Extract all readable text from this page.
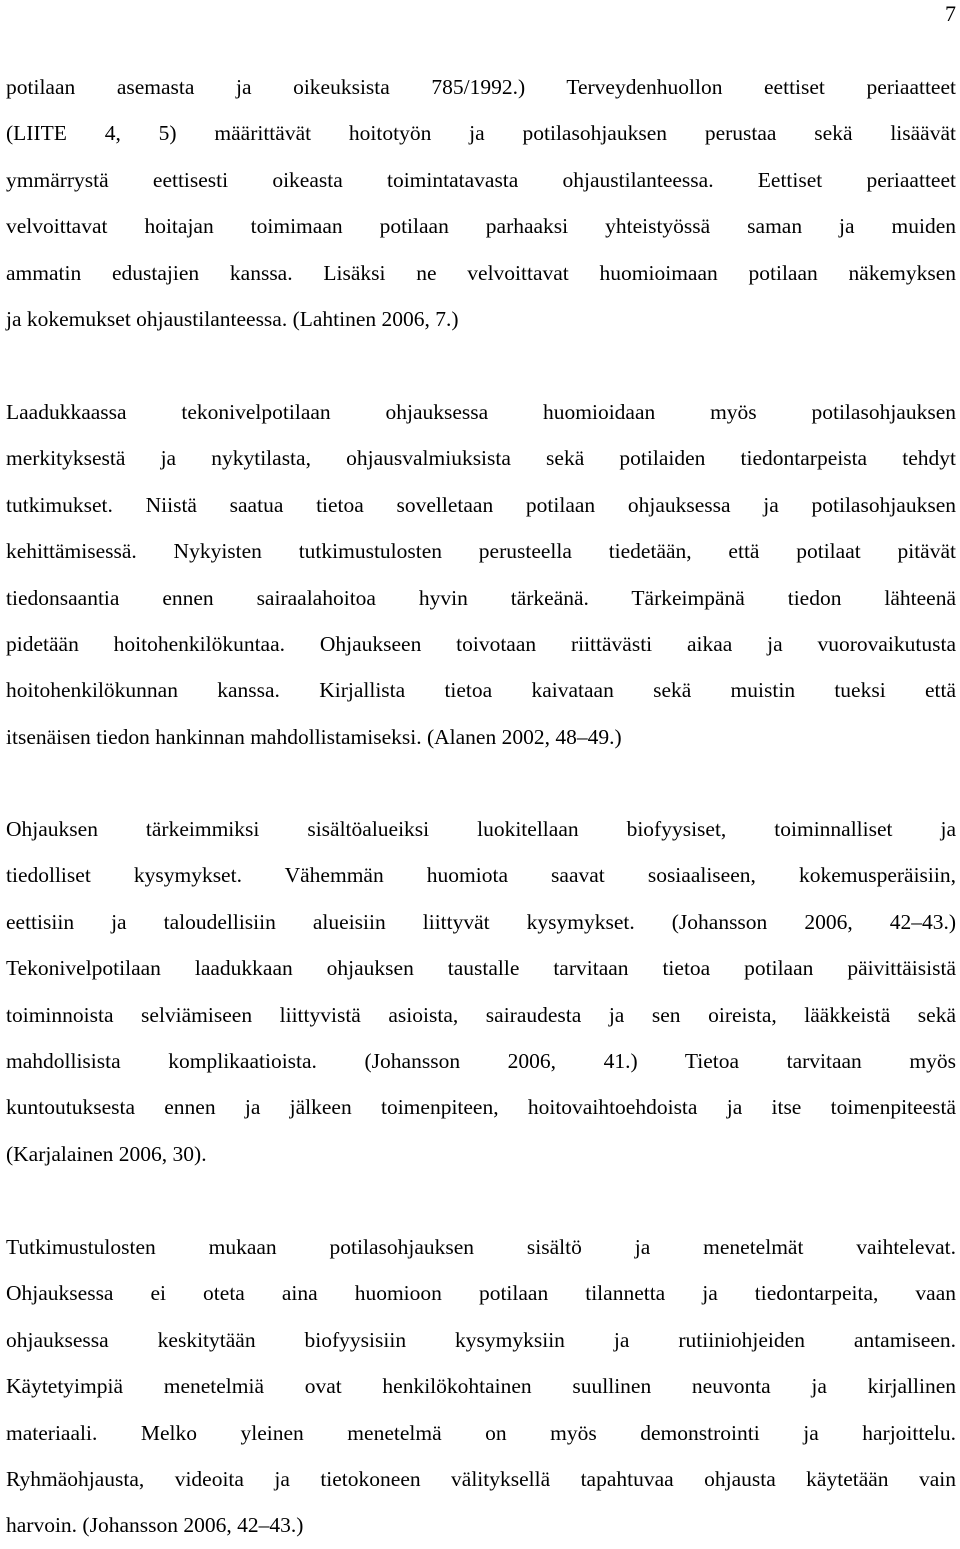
7
potilaan asemasta ja oikeuksista 785/1992.) Terveydenhuollon eettiset periaatteet
(LIITE 4, 5) määrittävät hoitotyön ja potilasohjauksen perustaa sekä lisäävät
ymmärrystä eettisesti oikeasta toimintatavasta ohjaustilanteessa. Eettiset periaatteet
velvoittavat hoitajan toimimaan potilaan parhaaksi yhteistyössä saman ja muiden
ammatin edustajien kanssa. Lisäksi ne velvoittavat huomioimaan potilaan näkemyksen
ja kokemukset ohjaustilanteessa. (Lahtinen 2006, 7.)
Laadukkaassa tekonivelpotilaan ohjauksessa huomioidaan myös potilasohjauksen
merkityksestä ja nykytilasta, ohjausvalmiuksista sekä potilaiden tiedontarpeista tehdyt
tutkimukset. Niistä saatua tietoa sovelletaan potilaan ohjauksessa ja potilasohjauksen
kehittämisessä. Nykyisten tutkimustulosten perusteella tiedetään, että potilaat pitävät
tiedonsaantia ennen sairaalahoitoa hyvin tärkeänä. Tärkeimpänä tiedon lähteenä
pidetään hoitohenkilökuntaa. Ohjaukseen toivotaan riittävästi aikaa ja vuorovaikutusta
hoitohenkilökunnan kanssa. Kirjallista tietoa kaivataan sekä muistin tueksi että
itsenäisen tiedon hankinnan mahdollistamiseksi. (Alanen 2002, 48–49.)
Ohjauksen tärkeimmiksi sisältöalueiksi luokitellaan biofyysiset, toiminnalliset ja
tiedolliset kysymykset. Vähemmän huomiota saavat sosiaaliseen, kokemusperäisiin,
eettisiin ja taloudellisiin alueisiin liittyvät kysymykset. (Johansson 2006, 42–43.)
Tekonivelpotilaan laadukkaan ohjauksen taustalle tarvitaan tietoa potilaan päivittäisistä
toiminnoista selviämiseen liittyvistä asioista, sairaudesta ja sen oireista, lääkkeistä sekä
mahdollisista komplikaatioista. (Johansson 2006, 41.) Tietoa tarvitaan myös
kuntoutuksesta ennen ja jälkeen toimenpiteen, hoitovaihtoehdoista ja itse toimenpiteestä
(Karjalainen 2006, 30).
Tutkimustulosten mukaan potilasohjauksen sisältö ja menetelmät vaihtelevat.
Ohjauksessa ei oteta aina huomioon potilaan tilannetta ja tiedontarpeita, vaan
ohjauksessa keskitytään biofyysisiin kysymyksiin ja rutiiniohjeiden antamiseen.
Käytetyimpiä menetelmiä ovat henkilökohtainen suullinen neuvonta ja kirjallinen
materiaali. Melko yleinen menetelmä on myös demonstrointi ja harjoittelu.
Ryhmäohjausta, videoita ja tietokoneen välityksellä tapahtuvaa ohjausta käytetään vain
harvoin. (Johansson 2006, 42–43.)
